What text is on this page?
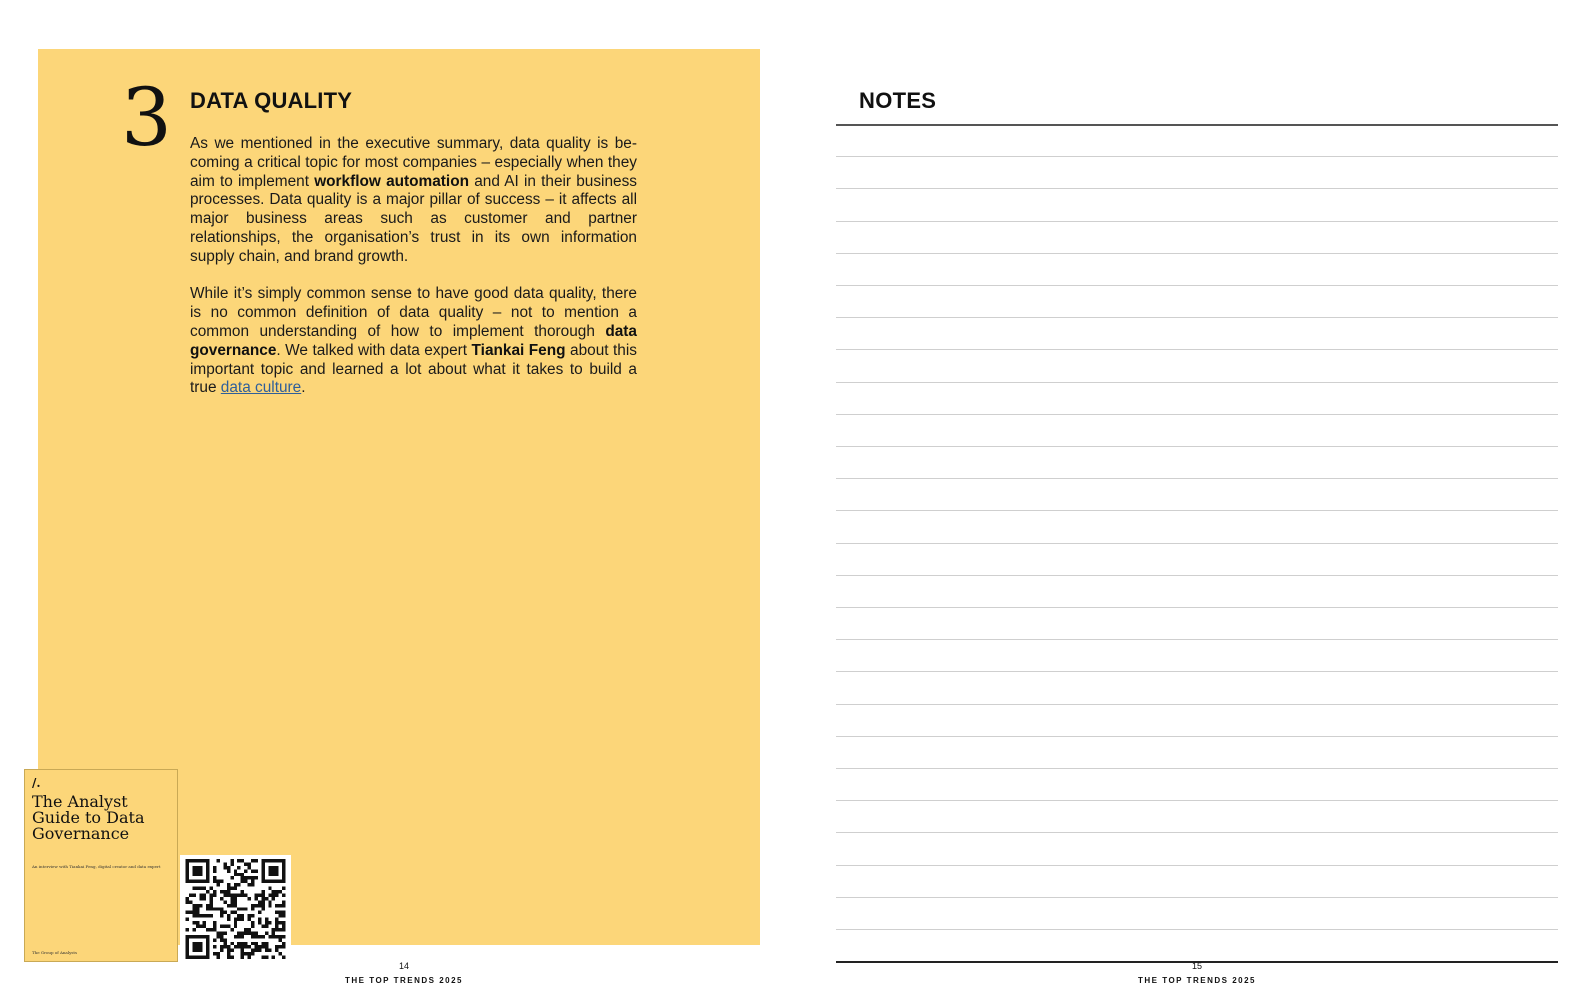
3 DATA QUALITY

As we mentioned in the executive summary, data quality is becoming a critical topic for most companies – especially when they aim to implement workflow automation and AI in their business processes. Data quality is a major pillar of success – it affects all major business areas such as customer and partner relationships, the organisation’s trust in its own information supply chain, and brand growth.

While it’s simply common sense to have good data quality, there is no common definition of data quality – not to mention a common understanding of how to implement thorough data governance. We talked with data expert Tiankai Feng about this important topic and learned a lot about what it takes to build a true data culture.

/.
The Analyst Guide to Data Governance
An interview with Tiankai Feng, digital creator and data expert
The Group of Analysts
14
THE TOP TRENDS 2025
NOTES
15
THE TOP TRENDS 2025
